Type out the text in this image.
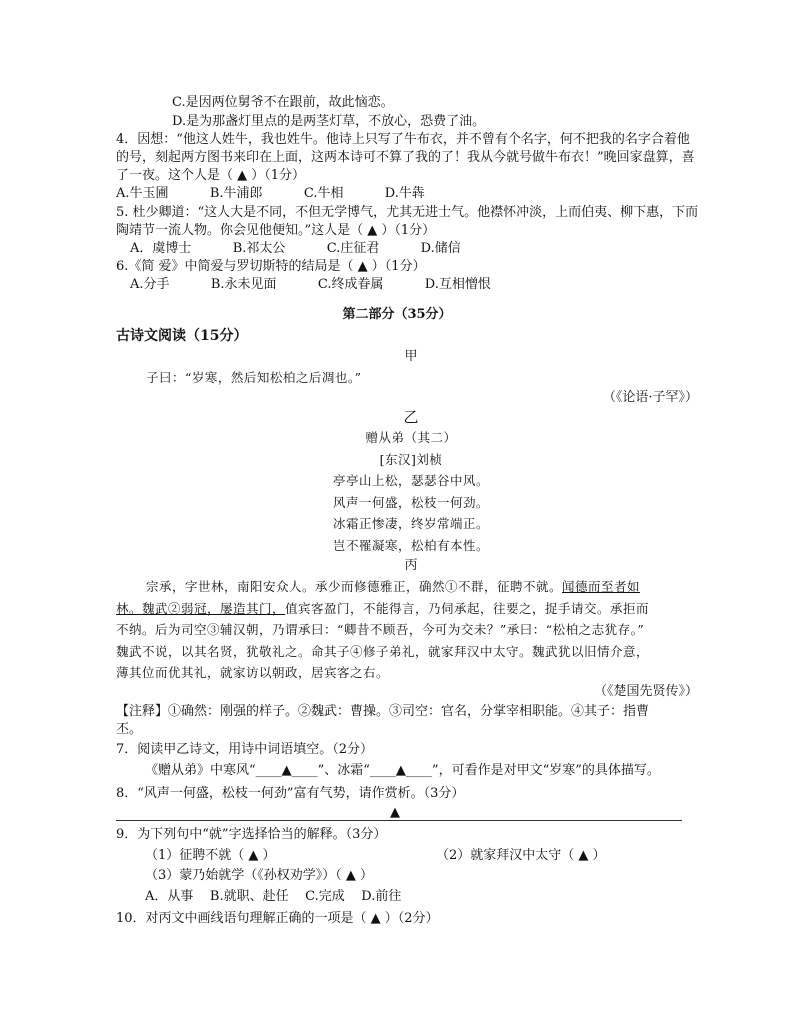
C.是因两位舅爷不在跟前，故此恼恋。
D.是为那盏灯里点的是两茎灯草，不放心，恐费了油。
4．因想：“他这人姓牛，我也姓牛。他诗上只写了牛布衣，并不曾有个名字，何不把我的名字合着他
的号，刻起两方图书来印在上面，这两本诗可不算了我的了！我从今就号做牛布衣！”晚回家盘算，喜
了一夜。这个人是（ ▲ ）（1分）
A.牛玉圃          B.牛浦郎          C.牛相          D.牛犇
5. 杜少卿道：“这人大是不同，不但无学博气，尤其无进士气。他襟怀冲淡，上而伯夷、柳下惠，下而
陶靖节一流人物。你会见他便知。”这人是（ ▲ ）（1分）
A．虞博士          B.祁太公          C.庄征君          D.储信
6.《简 爱》中简爱与罗切斯特的结局是（ ▲ ）（1分）
A.分手          B.永未见面          C.终成眷属          D.互相憎恨
第二部分（35分）
古诗文阅读（15分）
甲
子曰：“岁寒，然后知松柏之后凋也。”
（《论语·子罕》）
乙
赠从弟（其二）
[东汉]刘桢
亭亭山上松，瑟瑟谷中风。
风声一何盛，松枝一何劲。
冰霜正惨凄，终岁常端正。
岂不罹凝寒，松柏有本性。
丙
宗承，字世林，南阳安众人。承少而修德雅正，确然①不群，征聘不就。闻德而至者如
林。魏武②弱冠，屡造其门，值宾客盈门，不能得言，乃伺承起，往要之，捉手请交。承拒而
不纳。后为司空③辅汉朝，乃谓承曰：“卿昔不顾吾，今可为交未？”承曰：“松柏之志犹存。”
魏武不说，以其名贤，犹敬礼之。命其子④修子弟礼，就家拜汉中太守。魏武犹以旧情介意，
薄其位而优其礼，就家访以朝政，居宾客之右。
（《楚国先贤传》）
【注释】①确然：刚强的样子。②魏武：曹操。③司空：官名，分掌宰相职能。④其子：指曹
丕。
7．阅读甲乙诗文，用诗中词语填空。（2分）
《赠从弟》中寒风“____▲____”、冰霜“____▲____”，可看作是对甲文“岁寒”的具体描写。
8．“风声一何盛，松枝一何劲”富有气势，请作赏析。（3分）
▲
9．为下列句中“就”字选择恰当的解释。（3分）
（1）征聘不就（ ▲ ）	（2）就家拜汉中太守（ ▲ ）
（3）蒙乃始就学（《孙权劝学》）（ ▲ ）
A．从事    B.就职、赴任    C.完成    D.前往
10．对丙文中画线语句理解正确的一项是（ ▲ ）（2分）
